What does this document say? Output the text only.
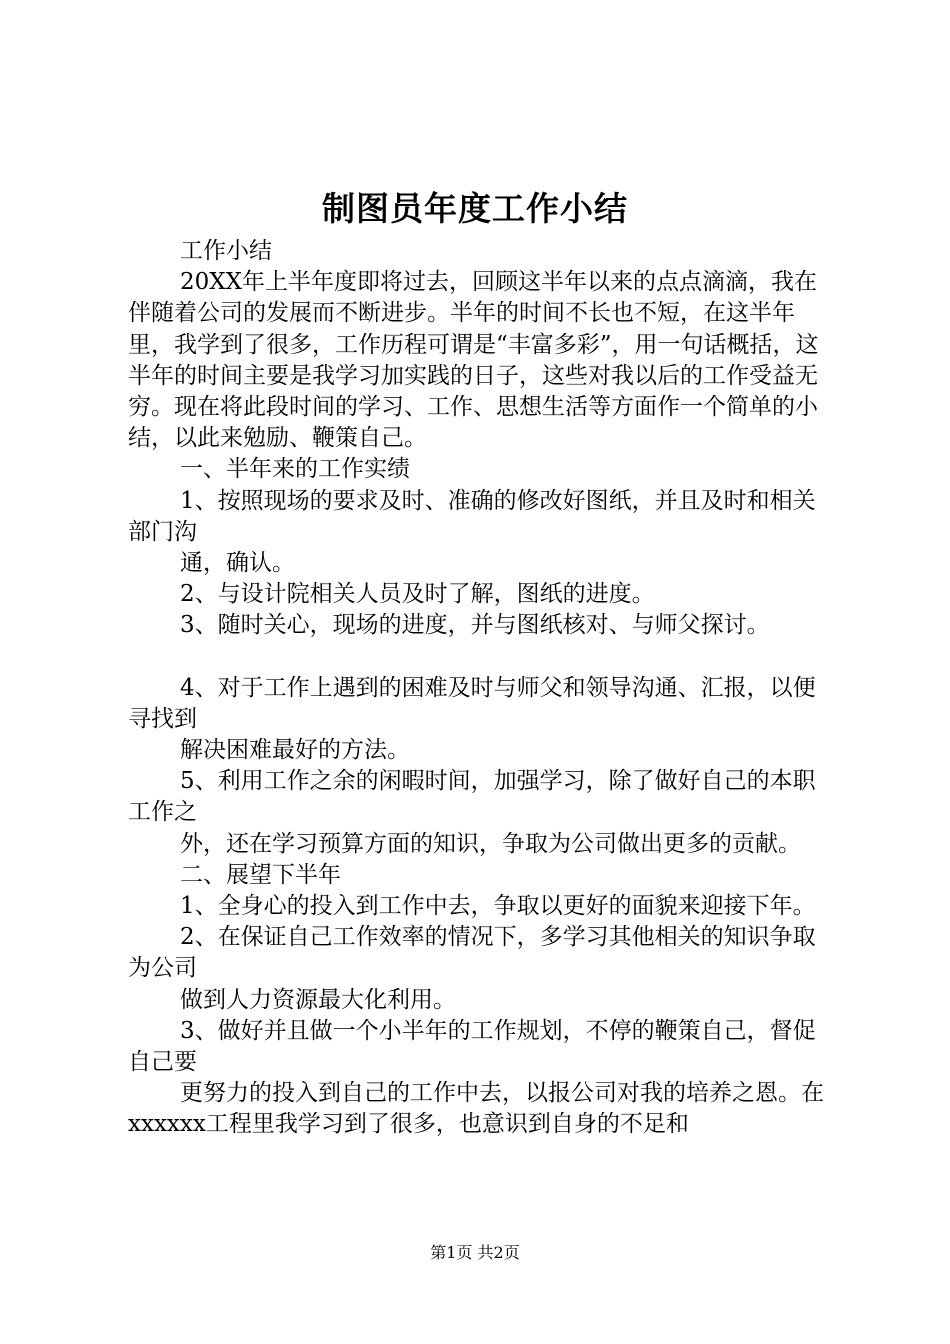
制图员年度工作小结

工作小结

20XX年上半年度即将过去，回顾这半年以来的点点滴滴，我在伴随着公司的发展而不断进步。半年的时间不长也不短，在这半年里，我学到了很多，工作历程可谓是“丰富多彩”，用一句话概括，这半年的时间主要是我学习加实践的日子，这些对我以后的工作受益无穷。现在将此段时间的学习、工作、思想生活等方面作一个简单的小结，以此来勉励、鞭策自己。

一、半年来的工作实绩

1、按照现场的要求及时、准确的修改好图纸，并且及时和相关部门沟

通，确认。

2、与设计院相关人员及时了解，图纸的进度。

3、随时关心，现场的进度，并与图纸核对、与师父探讨。

4、对于工作上遇到的困难及时与师父和领导沟通、汇报，以便寻找到

解决困难最好的方法。

5、利用工作之余的闲暇时间，加强学习，除了做好自己的本职工作之

外，还在学习预算方面的知识，争取为公司做出更多的贡献。

二、展望下半年

1、全身心的投入到工作中去，争取以更好的面貌来迎接下年。

2、在保证自己工作效率的情况下，多学习其他相关的知识争取为公司

做到人力资源最大化利用。

3、做好并且做一个小半年的工作规划，不停的鞭策自己，督促自己要

更努力的投入到自己的工作中去，以报公司对我的培养之恩。在xxxxxx工程里我学习到了很多，也意识到自身的不足和

第1页 共2页
